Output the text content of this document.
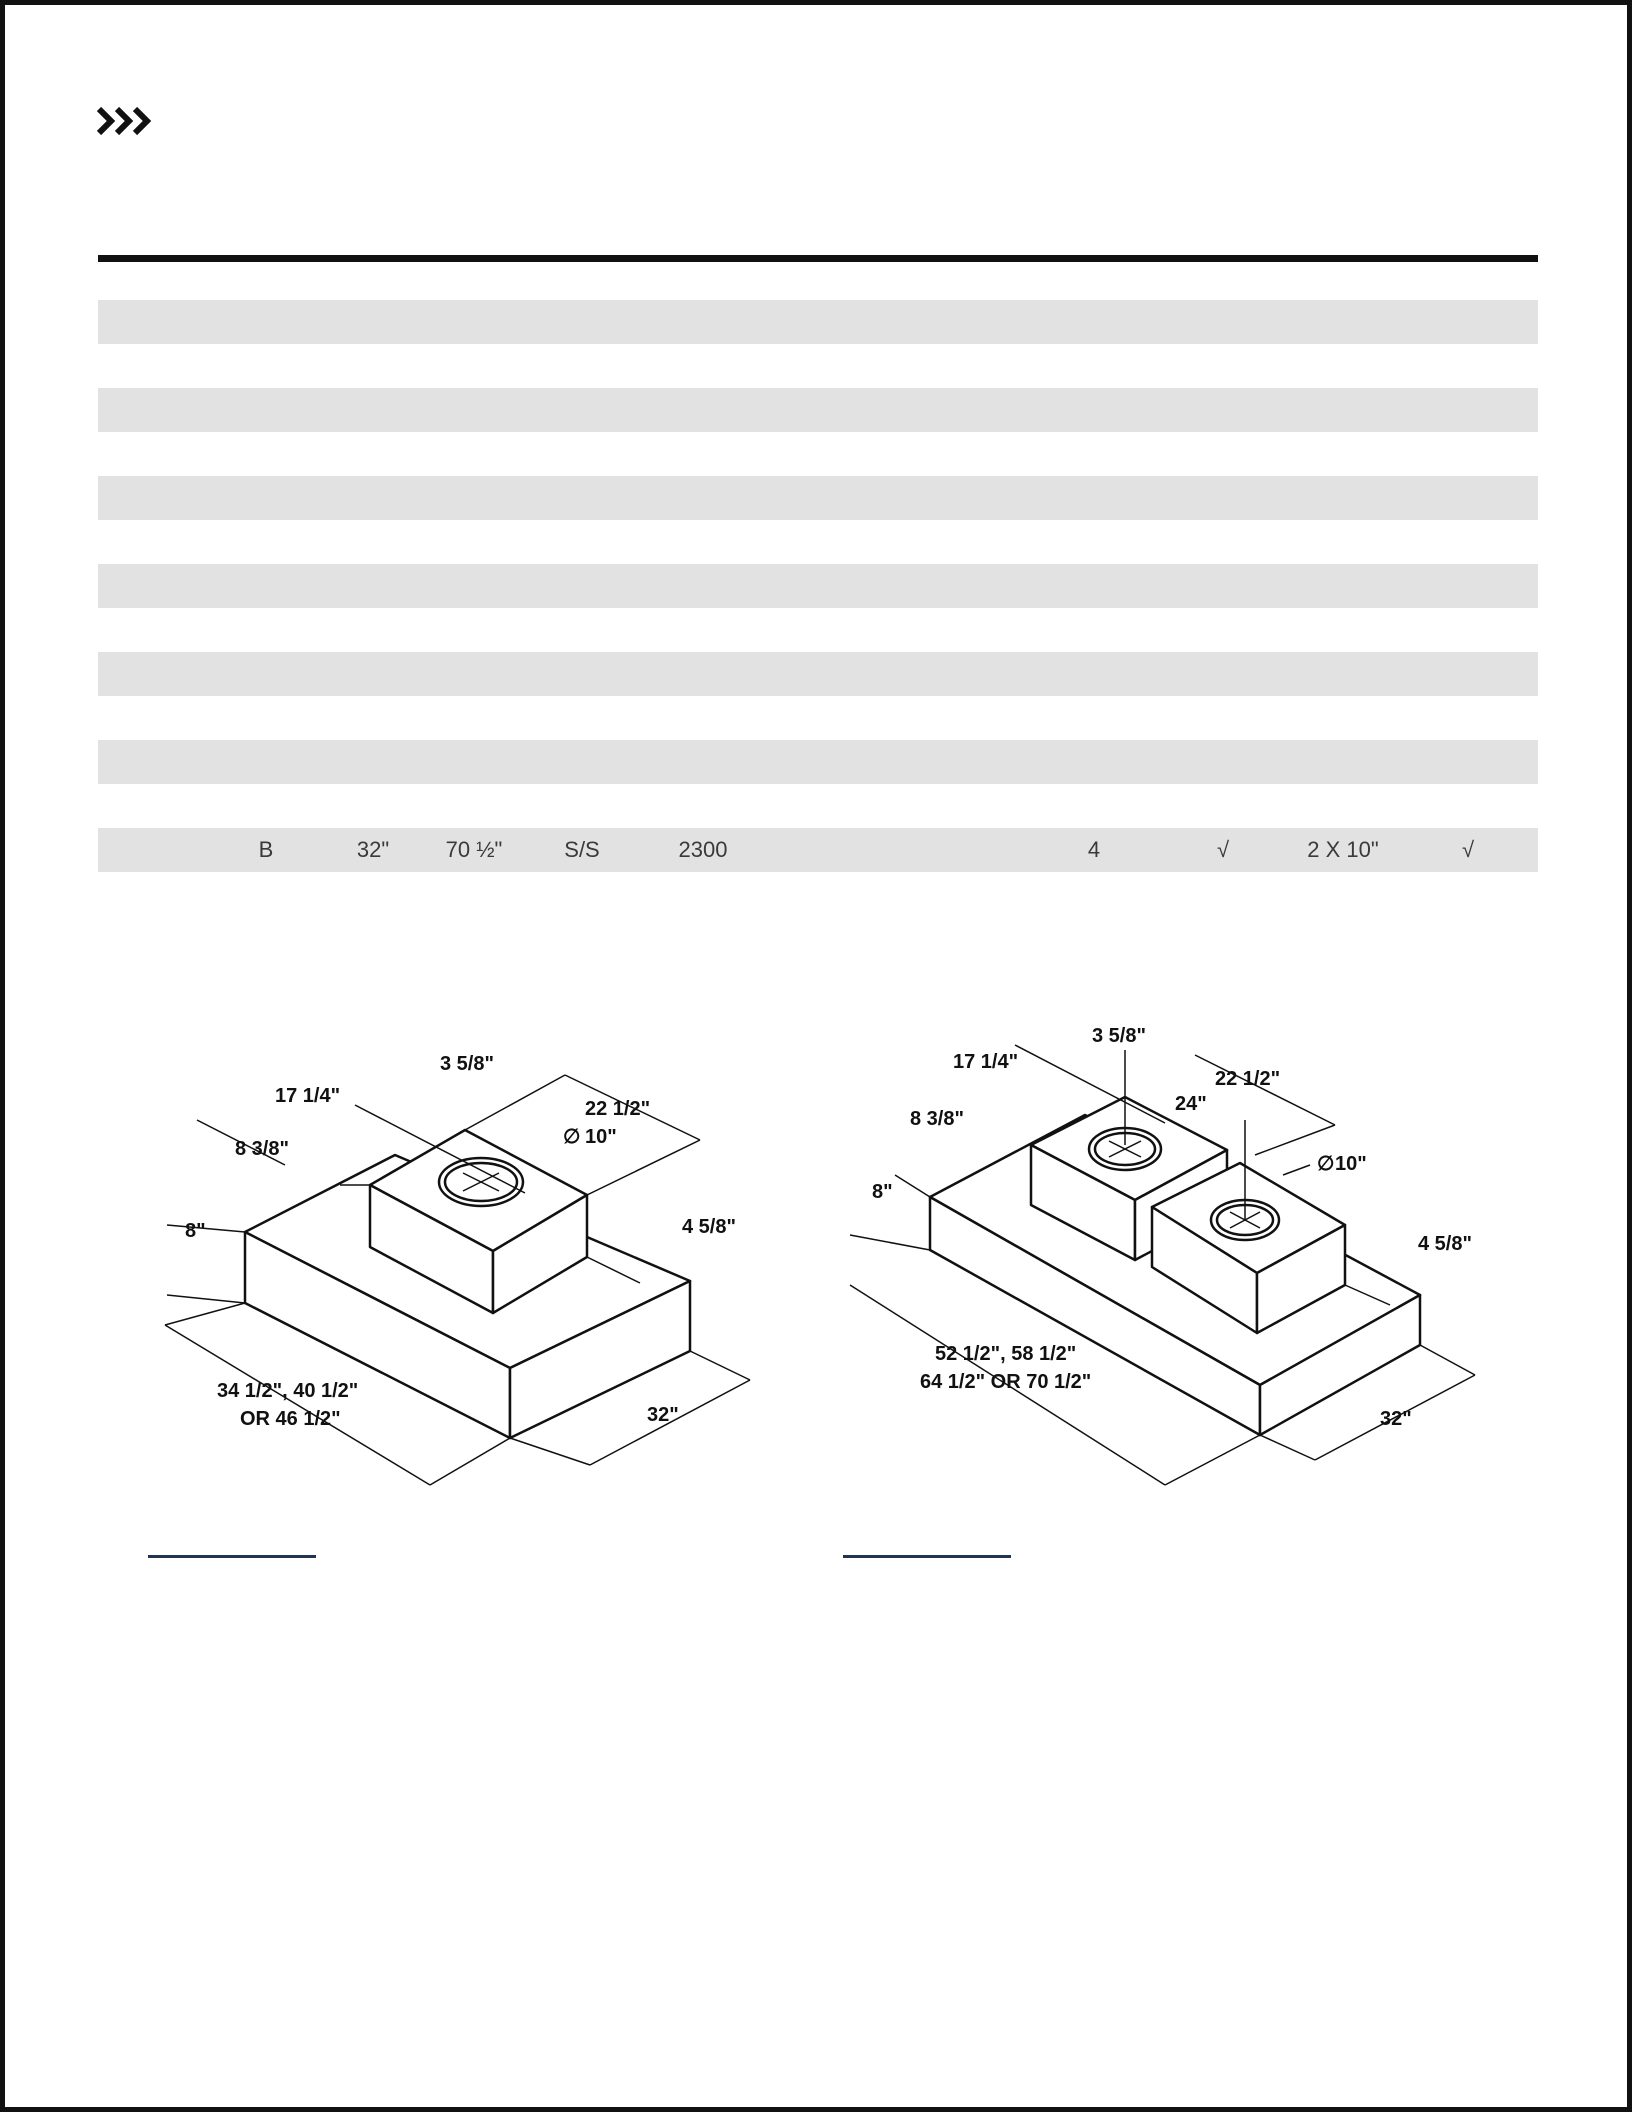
B	32"	70 ½"	S/S	2300	4	√	2 X 10"	√
3 5/8"
17 1/4"
22 1/2"
8 3/8"
∅ 10"
8"	4 5/8"
34 1/2", 40 1/2"
OR 46 1/2"	32"
3 5/8"
17 1/4"
22 1/2"
24"
8 3/8"
∅ 10"
8"
4 5/8"
52 1/2", 58 1/2"
64 1/2" OR 70 1/2"
32"
